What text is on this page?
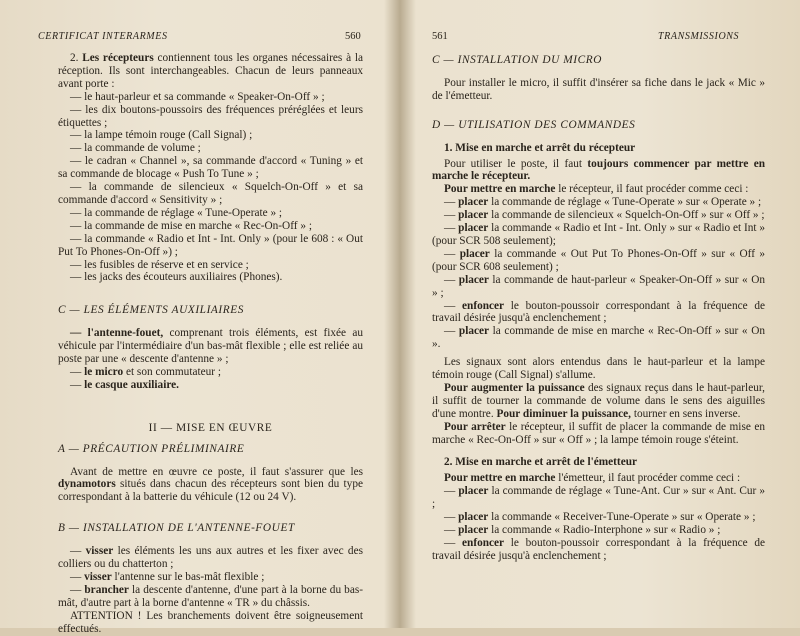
CERTIFICAT INTERARMES	560

2. Les récepteurs contiennent tous les organes nécessaires à la réception. Ils sont interchangeables. Chacun de leurs panneaux avant porte :

— le haut-parleur et sa commande « Speaker-On-Off » ;

— les dix boutons-poussoirs des fréquences préréglées et leurs étiquettes ;

— la lampe témoin rouge (Call Signal) ;

— la commande de volume ;

— le cadran « Channel », sa commande d'accord « Tuning » et sa commande de blocage « Push To Tune » ;

— la commande de silencieux « Squelch-On-Off » et sa commande d'accord « Sensitivity » ;

— la commande de réglage « Tune-Operate » ;

— la commande de mise en marche « Rec-On-Off » ;

— la commande « Radio et Int - Int. Only » (pour le 608 : « Out Put To Phones-On-Off ») ;

— les fusibles de réserve et en service ;

— les jacks des écouteurs auxiliaires (Phones).

C — LES ÉLÉMENTS AUXILIAIRES

— l'antenne-fouet, comprenant trois éléments, est fixée au véhicule par l'intermédiaire d'un bas-mât flexible ; elle est reliée au poste par une « descente d'antenne » ;

— le micro et son commutateur ;

— le casque auxiliaire.

II — MISE EN ŒUVRE
A — PRÉCAUTION PRÉLIMINAIRE

Avant de mettre en œuvre ce poste, il faut s'assurer que les dynamotors situés dans chacun des récepteurs sont bien du type correspondant à la batterie du véhicule (12 ou 24 V).

B — INSTALLATION DE L'ANTENNE-FOUET

— visser les éléments les uns aux autres et les fixer avec des colliers ou du chatterton ;

— visser l'antenne sur le bas-mât flexible ;

— brancher la descente d'antenne, d'une part à la borne du bas-mât, d'autre part à la borne d'antenne « TR » du châssis.

ATTENTION ! Les branchements doivent être soigneusement effectués.

561	TRANSMISSIONS
C — INSTALLATION DU MICRO

Pour installer le micro, il suffit d'insérer sa fiche dans le jack « Mic » de l'émetteur.

D — UTILISATION DES COMMANDES
1. Mise en marche et arrêt du récepteur

Pour utiliser le poste, il faut toujours commencer par mettre en marche le récepteur.

Pour mettre en marche le récepteur, il faut procéder comme ceci :

— placer la commande de réglage « Tune-Operate » sur « Operate » ;

— placer la commande de silencieux « Squelch-On-Off » sur « Off » ;

— placer la commande « Radio et Int - Int. Only » sur « Radio et Int » (pour SCR 508 seulement);

— placer la commande « Out Put To Phones-On-Off » sur « Off » (pour SCR 608 seulement) ;

— placer la commande de haut-parleur « Speaker-On-Off » sur « On » ;

— enfoncer le bouton-poussoir correspondant à la fréquence de travail désirée jusqu'à enclenchement ;

— placer la commande de mise en marche « Rec-On-Off » sur « On ».

Les signaux sont alors entendus dans le haut-parleur et la lampe témoin rouge (Call Signal) s'allume.

Pour augmenter la puissance des signaux reçus dans le haut-parleur, il suffit de tourner la commande de volume dans le sens des aiguilles d'une montre. Pour diminuer la puissance, tourner en sens inverse.

Pour arrêter le récepteur, il suffit de placer la commande de mise en marche « Rec-On-Off » sur « Off » ; la lampe témoin rouge s'éteint.

2. Mise en marche et arrêt de l'émetteur

Pour mettre en marche l'émetteur, il faut procéder comme ceci :

— placer la commande de réglage « Tune-Ant. Cur » sur « Ant. Cur » ;

— placer la commande « Receiver-Tune-Operate » sur « Operate » ;

— placer la commande « Radio-Interphone » sur « Radio » ;

— enfoncer le bouton-poussoir correspondant à la fréquence de travail désirée jusqu'à enclenchement ;
